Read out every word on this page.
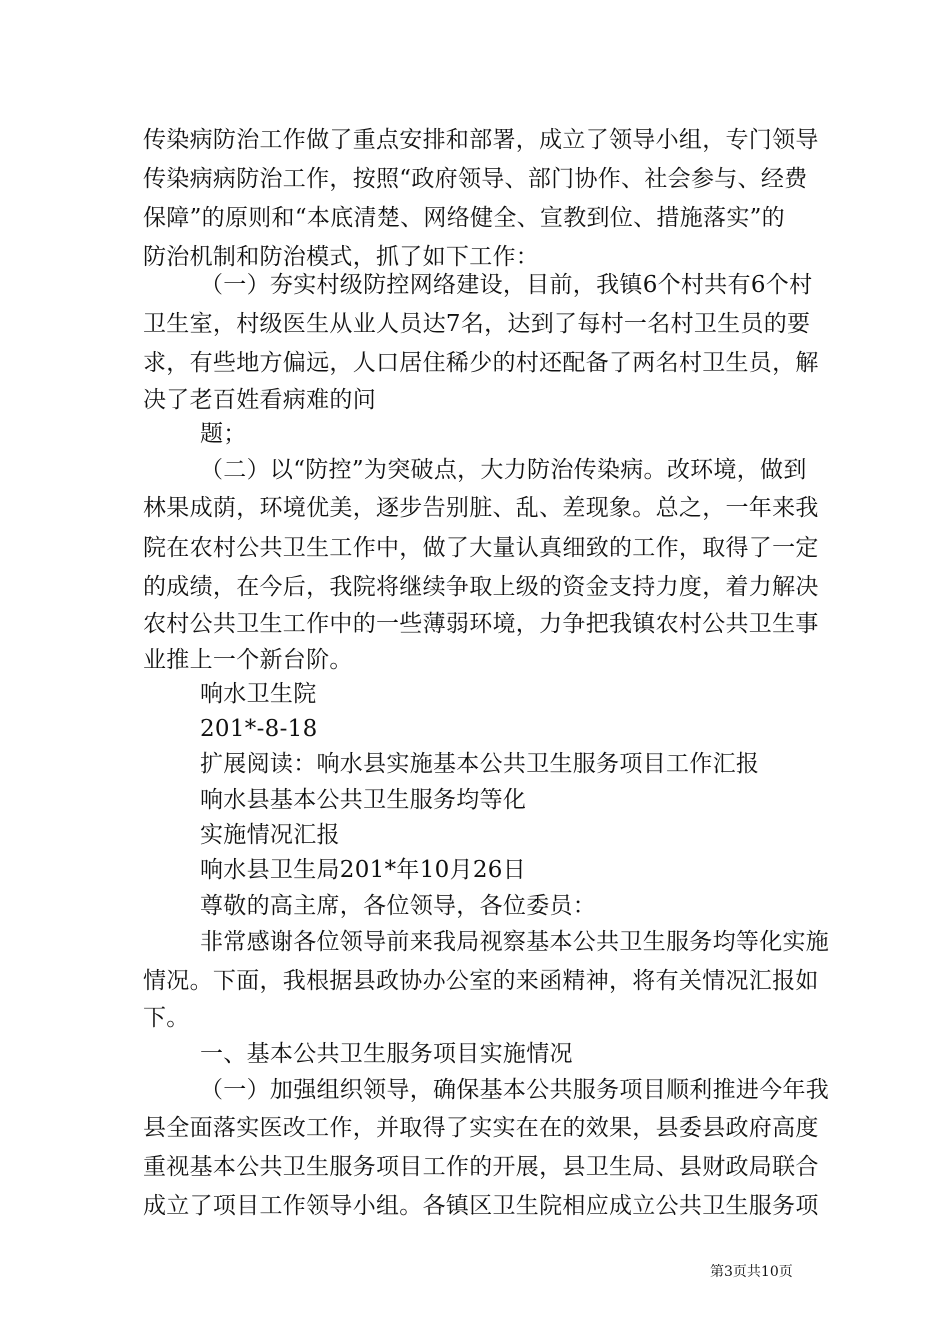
传染病防治工作做了重点安排和部署，成立了领导小组，专门领导
传染病病防治工作，按照“政府领导、部门协作、社会参与、经费
保障”的原则和“本底清楚、网络健全、宣教到位、措施落实”的
防治机制和防治模式，抓了如下工作：
（一）夯实村级防控网络建设，目前，我镇6个村共有6个村
卫生室，村级医生从业人员达7名，达到了每村一名村卫生员的要
求，有些地方偏远，人口居住稀少的村还配备了两名村卫生员，解
决了老百姓看病难的问
题；
（二）以“防控”为突破点，大力防治传染病。改环境，做到
林果成荫，环境优美，逐步告别脏、乱、差现象。总之，一年来我
院在农村公共卫生工作中，做了大量认真细致的工作，取得了一定
的成绩，在今后，我院将继续争取上级的资金支持力度，着力解决
农村公共卫生工作中的一些薄弱环境，力争把我镇农村公共卫生事
业推上一个新台阶。
响水卫生院
201*-8-18
扩展阅读：响水县实施基本公共卫生服务项目工作汇报
响水县基本公共卫生服务均等化
实施情况汇报
响水县卫生局201*年10月26日
尊敬的高主席，各位领导，各位委员：
非常感谢各位领导前来我局视察基本公共卫生服务均等化实施
情况。下面，我根据县政协办公室的来函精神，将有关情况汇报如
下。
一、基本公共卫生服务项目实施情况
（一）加强组织领导，确保基本公共服务项目顺利推进今年我
县全面落实医改工作，并取得了实实在在的效果，县委县政府高度
重视基本公共卫生服务项目工作的开展，县卫生局、县财政局联合
成立了项目工作领导小组。各镇区卫生院相应成立公共卫生服务项
第3页共10页
